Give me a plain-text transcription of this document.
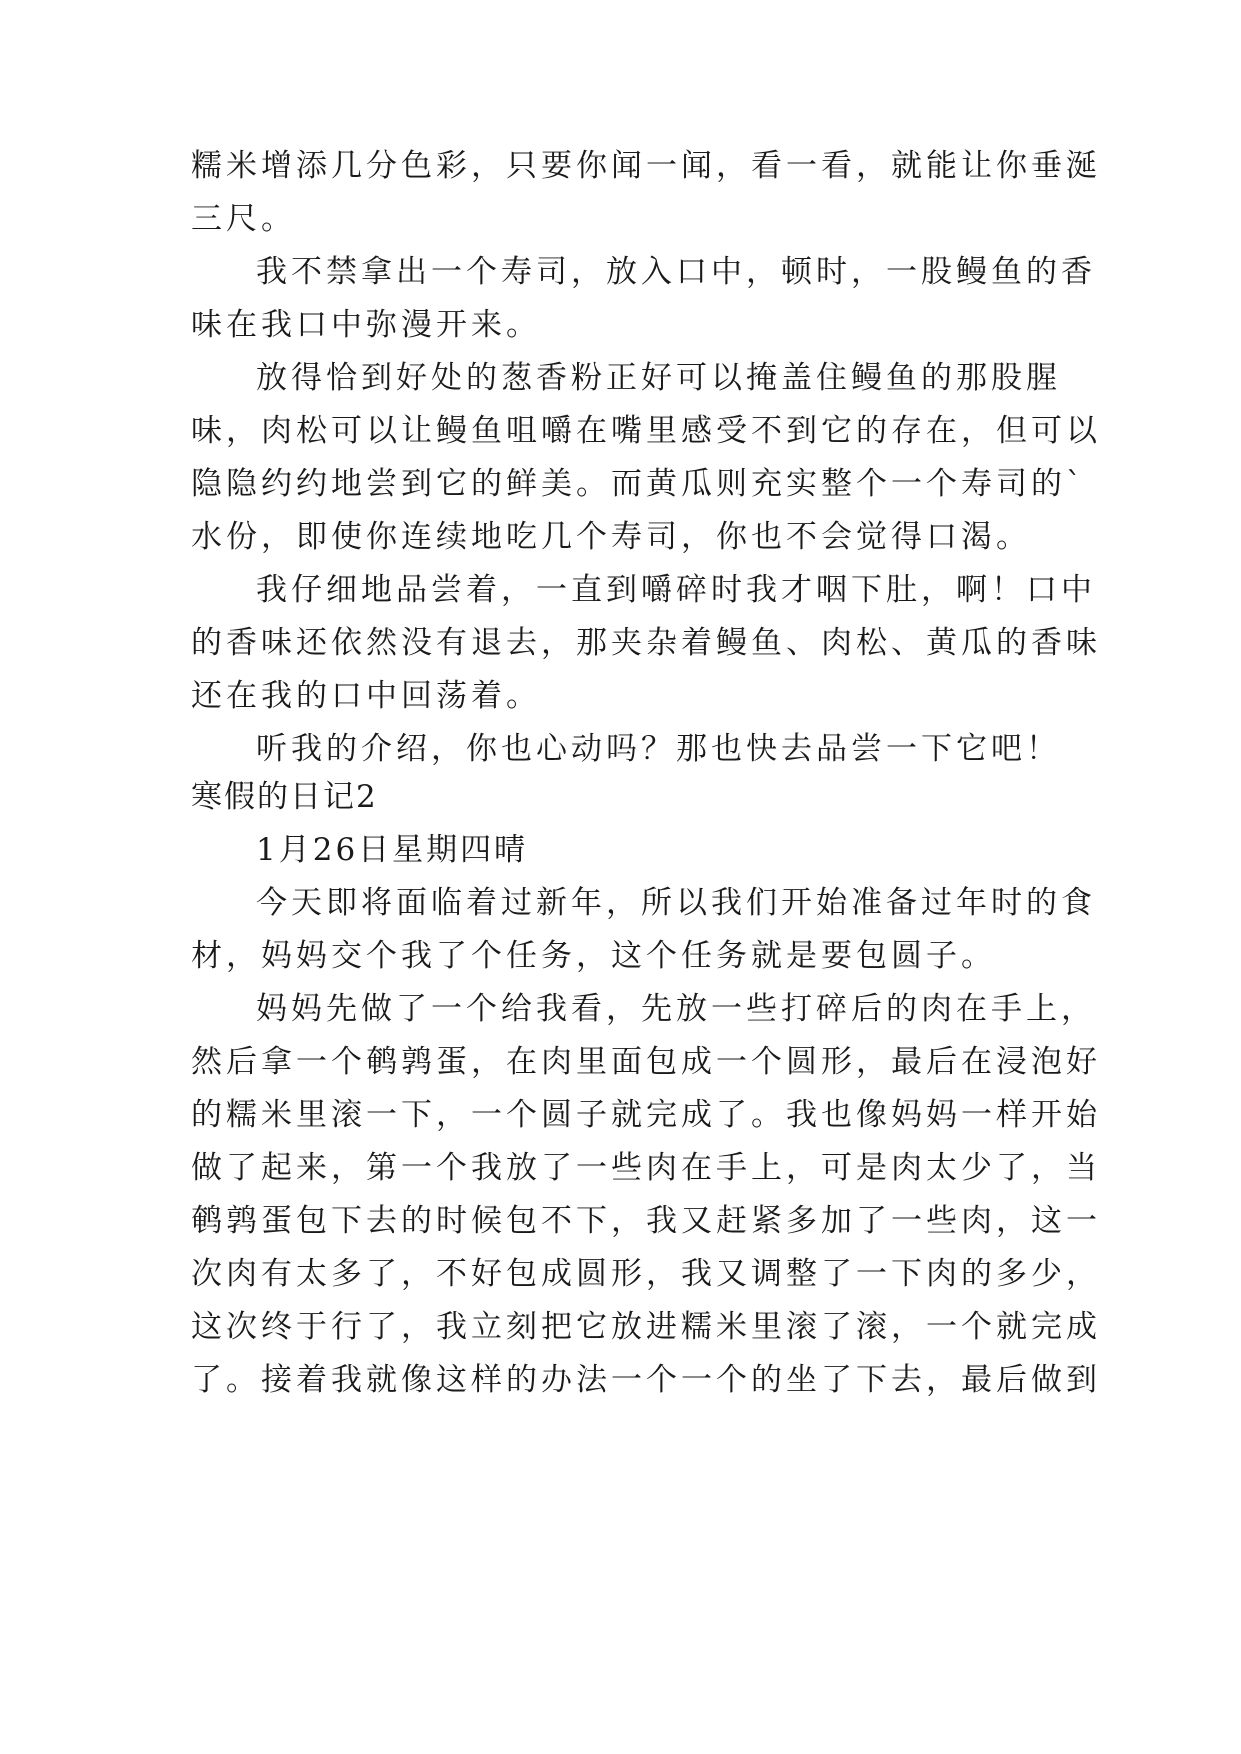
糯米增添几分色彩，只要你闻一闻，看一看，就能让你垂涎
三尺。
我不禁拿出一个寿司，放入口中，顿时，一股鳗鱼的香
味在我口中弥漫开来。
放得恰到好处的葱香粉正好可以掩盖住鳗鱼的那股腥
味，肉松可以让鳗鱼咀嚼在嘴里感受不到它的存在，但可以
隐隐约约地尝到它的鲜美。而黄瓜则充实整个一个寿司的`
水份，即使你连续地吃几个寿司，你也不会觉得口渴。
我仔细地品尝着，一直到嚼碎时我才咽下肚，啊！口中
的香味还依然没有退去，那夹杂着鳗鱼、肉松、黄瓜的香味
还在我的口中回荡着。
听我的介绍，你也心动吗？那也快去品尝一下它吧！
寒假的日记2
1月26日星期四晴
今天即将面临着过新年，所以我们开始准备过年时的食
材，妈妈交个我了个任务，这个任务就是要包圆子。
妈妈先做了一个给我看，先放一些打碎后的肉在手上，
然后拿一个鹌鹑蛋，在肉里面包成一个圆形，最后在浸泡好
的糯米里滚一下，一个圆子就完成了。我也像妈妈一样开始
做了起来，第一个我放了一些肉在手上，可是肉太少了，当
鹌鹑蛋包下去的时候包不下，我又赶紧多加了一些肉，这一
次肉有太多了，不好包成圆形，我又调整了一下肉的多少，
这次终于行了，我立刻把它放进糯米里滚了滚，一个就完成
了。接着我就像这样的办法一个一个的坐了下去，最后做到
